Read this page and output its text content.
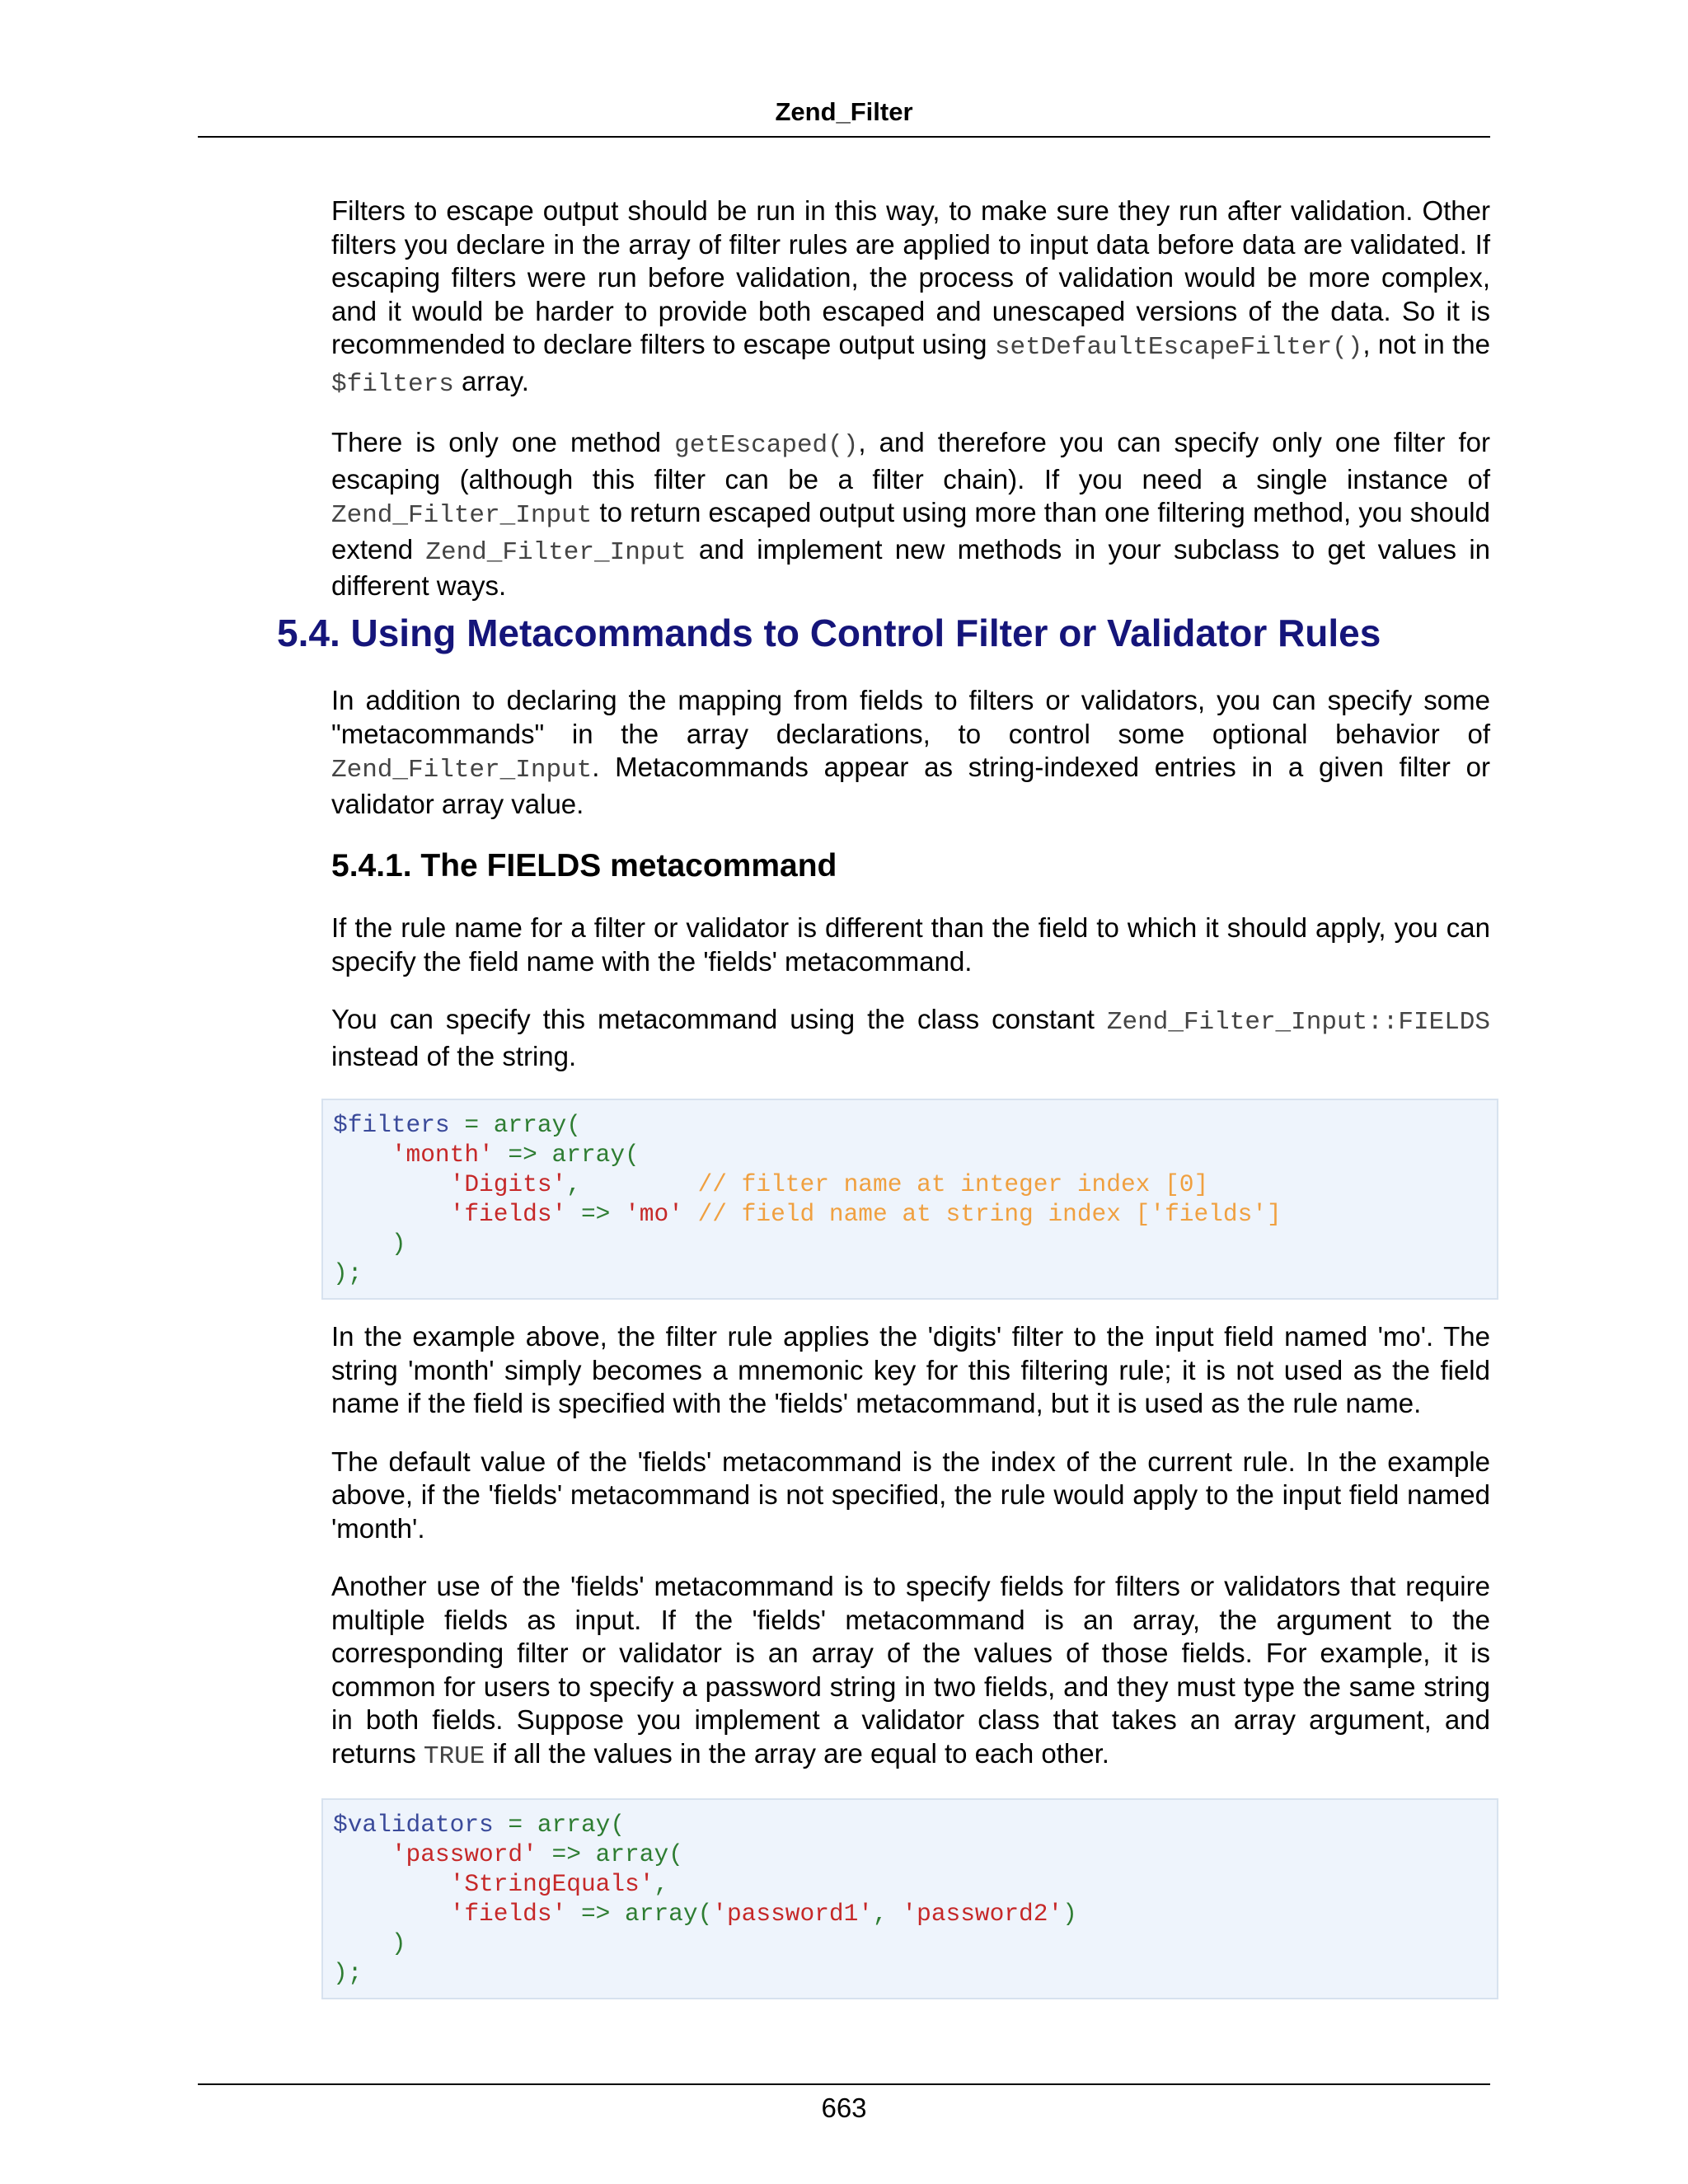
Zend_Filter

Filters to escape output should be run in this way, to make sure they run after validation. Other filters you declare in the array of filter rules are applied to input data before data are validated. If escaping filters were run before validation, the process of validation would be more complex, and it would be harder to provide both escaped and unescaped versions of the data. So it is recommended to declare filters to escape output using setDefaultEscapeFilter(), not in the $filters array.

There is only one method getEscaped(), and therefore you can specify only one filter for escaping (although this filter can be a filter chain). If you need a single instance of Zend_Filter_Input to return escaped output using more than one filtering method, you should extend Zend_Filter_Input and implement new methods in your subclass to get values in different ways.

5.4. Using Metacommands to Control Filter or Validator Rules

In addition to declaring the mapping from fields to filters or validators, you can specify some "metacommands" in the array declarations, to control some optional behavior of Zend_Filter_Input. Metacommands appear as string-indexed entries in a given filter or validator array value.

5.4.1. The FIELDS metacommand

If the rule name for a filter or validator is different than the field to which it should apply, you can specify the field name with the 'fields' metacommand.

You can specify this metacommand using the class constant Zend_Filter_Input::FIELDS instead of the string.

$filters = array(
'month' => array(
'Digits',        // filter name at integer index [0]
'fields' => 'mo' // field name at string index ['fields']
)
);

In the example above, the filter rule applies the 'digits' filter to the input field named 'mo'. The string 'month' simply becomes a mnemonic key for this filtering rule; it is not used as the field name if the field is specified with the 'fields' metacommand, but it is used as the rule name.

The default value of the 'fields' metacommand is the index of the current rule. In the example above, if the 'fields' metacommand is not specified, the rule would apply to the input field named 'month'.

Another use of the 'fields' metacommand is to specify fields for filters or validators that require multiple fields as input. If the 'fields' metacommand is an array, the argument to the corresponding filter or validator is an array of the values of those fields. For example, it is common for users to specify a password string in two fields, and they must type the same string in both fields. Suppose you implement a validator class that takes an array argument, and returns TRUE if all the values in the array are equal to each other.

$validators = array(
'password' => array(
'StringEquals',
'fields' => array('password1', 'password2')
)
);
663
